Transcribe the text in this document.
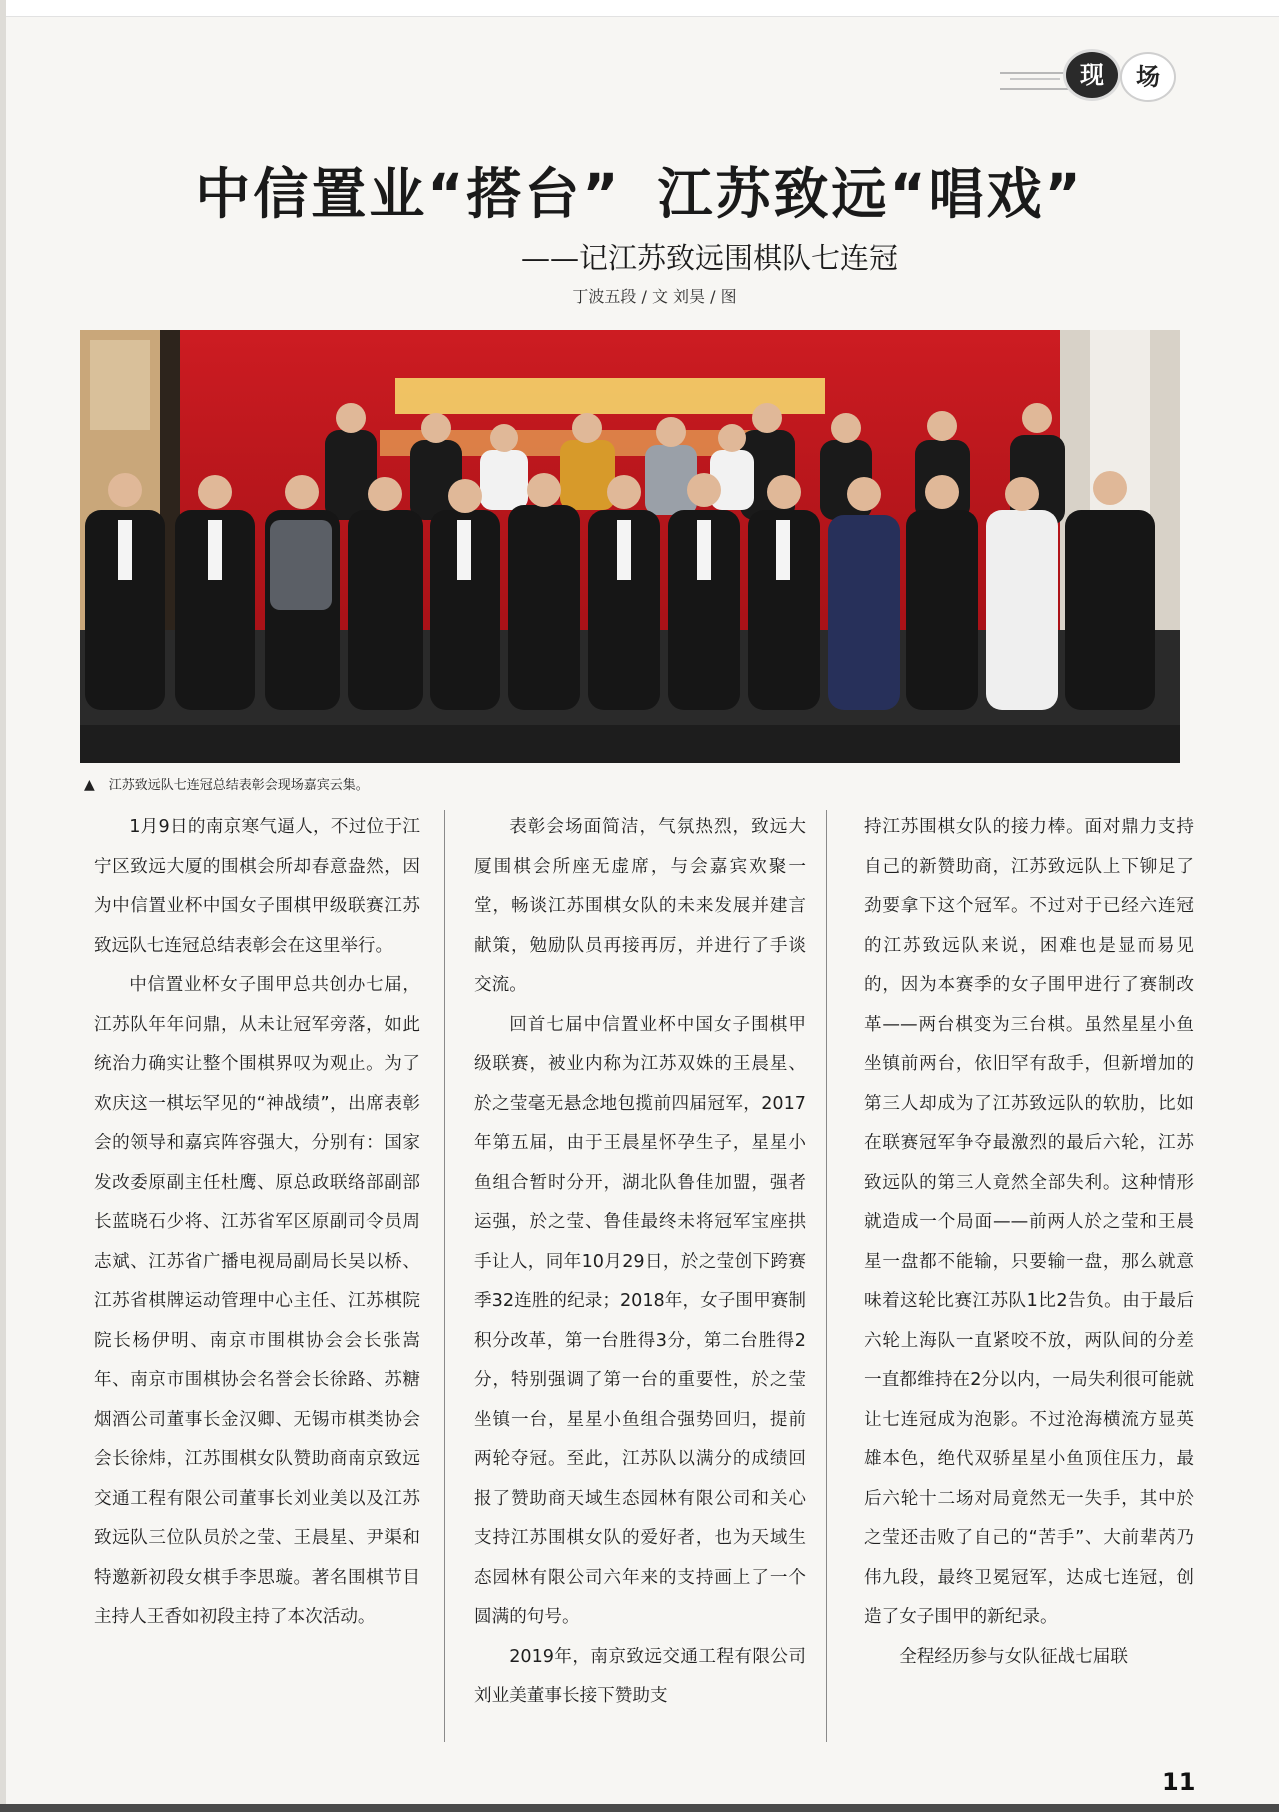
现	场
中信置业“搭台” 江苏致远“唱戏”
——记江苏致远围棋队七连冠
丁波五段 / 文 刘昊 / 图
▲ 江苏致远队七连冠总结表彰会现场嘉宾云集。

1月9日的南京寒气逼人，不过位于江宁区致远大厦的围棋会所却春意盎然，因为中信置业杯中国女子围棋甲级联赛江苏致远队七连冠总结表彰会在这里举行。

中信置业杯女子围甲总共创办七届，江苏队年年问鼎，从未让冠军旁落，如此统治力确实让整个围棋界叹为观止。为了欢庆这一棋坛罕见的“神战绩”，出席表彰会的领导和嘉宾阵容强大，分别有：国家发改委原副主任杜鹰、原总政联络部副部长蓝晓石少将、江苏省军区原副司令员周志斌、江苏省广播电视局副局长吴以桥、江苏省棋牌运动管理中心主任、江苏棋院院长杨伊明、南京市围棋协会会长张嵩年、南京市围棋协会名誉会长徐路、苏糖烟酒公司董事长金汉卿、无锡市棋类协会会长徐炜，江苏围棋女队赞助商南京致远交通工程有限公司董事长刘业美以及江苏致远队三位队员於之莹、王晨星、尹渠和特邀新初段女棋手李思璇。著名围棋节目主持人王香如初段主持了本次活动。

表彰会场面简洁，气氛热烈，致远大厦围棋会所座无虚席，与会嘉宾欢聚一堂，畅谈江苏围棋女队的未来发展并建言献策，勉励队员再接再厉，并进行了手谈交流。

回首七届中信置业杯中国女子围棋甲级联赛，被业内称为江苏双姝的王晨星、於之莹毫无悬念地包揽前四届冠军，2017年第五届，由于王晨星怀孕生子，星星小鱼组合暂时分开，湖北队鲁佳加盟，强者运强，於之莹、鲁佳最终未将冠军宝座拱手让人，同年10月29日，於之莹创下跨赛季32连胜的纪录；2018年，女子围甲赛制积分改革，第一台胜得3分，第二台胜得2分，特别强调了第一台的重要性，於之莹坐镇一台，星星小鱼组合强势回归，提前两轮夺冠。至此，江苏队以满分的成绩回报了赞助商天域生态园林有限公司和关心支持江苏围棋女队的爱好者，也为天域生态园林有限公司六年来的支持画上了一个圆满的句号。

2019年，南京致远交通工程有限公司刘业美董事长接下赞助支

持江苏围棋女队的接力棒。面对鼎力支持自己的新赞助商，江苏致远队上下铆足了劲要拿下这个冠军。不过对于已经六连冠的江苏致远队来说，困难也是显而易见的，因为本赛季的女子围甲进行了赛制改革——两台棋变为三台棋。虽然星星小鱼坐镇前两台，依旧罕有敌手，但新增加的第三人却成为了江苏致远队的软肋，比如在联赛冠军争夺最激烈的最后六轮，江苏致远队的第三人竟然全部失利。这种情形就造成一个局面——前两人於之莹和王晨星一盘都不能输，只要输一盘，那么就意味着这轮比赛江苏队1比2告负。由于最后六轮上海队一直紧咬不放，两队间的分差一直都维持在2分以内，一局失利很可能就让七连冠成为泡影。不过沧海横流方显英雄本色，绝代双骄星星小鱼顶住压力，最后六轮十二场对局竟然无一失手，其中於之莹还击败了自己的“苦手”、大前辈芮乃伟九段，最终卫冕冠军，达成七连冠，创造了女子围甲的新纪录。

全程经历参与女队征战七届联

11
